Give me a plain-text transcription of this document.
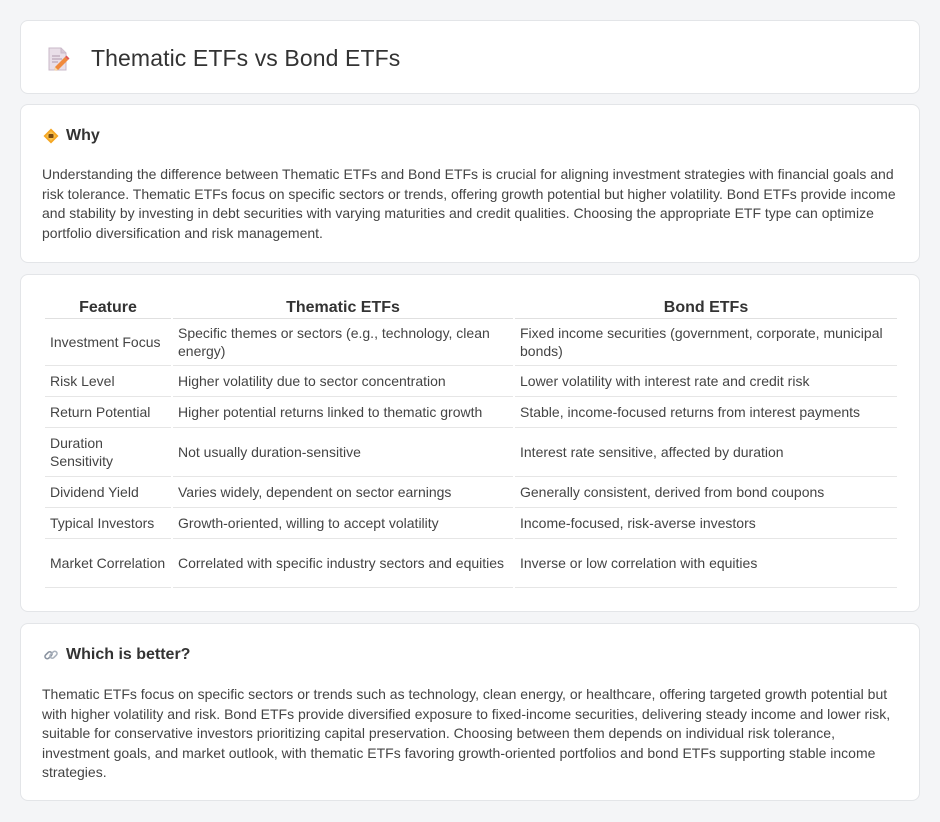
Thematic ETFs vs Bond ETFs
Why

Understanding the difference between Thematic ETFs and Bond ETFs is crucial for aligning investment strategies with financial goals and risk tolerance. Thematic ETFs focus on specific sectors or trends, offering growth potential but higher volatility. Bond ETFs provide income and stability by investing in debt securities with varying maturities and credit qualities. Choosing the appropriate ETF type can optimize portfolio diversification and risk management.

Feature	Thematic ETFs	Bond ETFs
Investment Focus	Specific themes or sectors (e.g., technology, clean energy)	Fixed income securities (government, corporate, municipal bonds)
Risk Level	Higher volatility due to sector concentration	Lower volatility with interest rate and credit risk
Return Potential	Higher potential returns linked to thematic growth	Stable, income-focused returns from interest payments
Duration Sensitivity	Not usually duration-sensitive	Interest rate sensitive, affected by duration
Dividend Yield	Varies widely, dependent on sector earnings	Generally consistent, derived from bond coupons
Typical Investors	Growth-oriented, willing to accept volatility	Income-focused, risk-averse investors
Market Correlation	Correlated with specific industry sectors and equities	Inverse or low correlation with equities
Which is better?

Thematic ETFs focus on specific sectors or trends such as technology, clean energy, or healthcare, offering targeted growth potential but with higher volatility and risk. Bond ETFs provide diversified exposure to fixed-income securities, delivering steady income and lower risk, suitable for conservative investors prioritizing capital preservation. Choosing between them depends on individual risk tolerance, investment goals, and market outlook, with thematic ETFs favoring growth-oriented portfolios and bond ETFs supporting stable income strategies.
